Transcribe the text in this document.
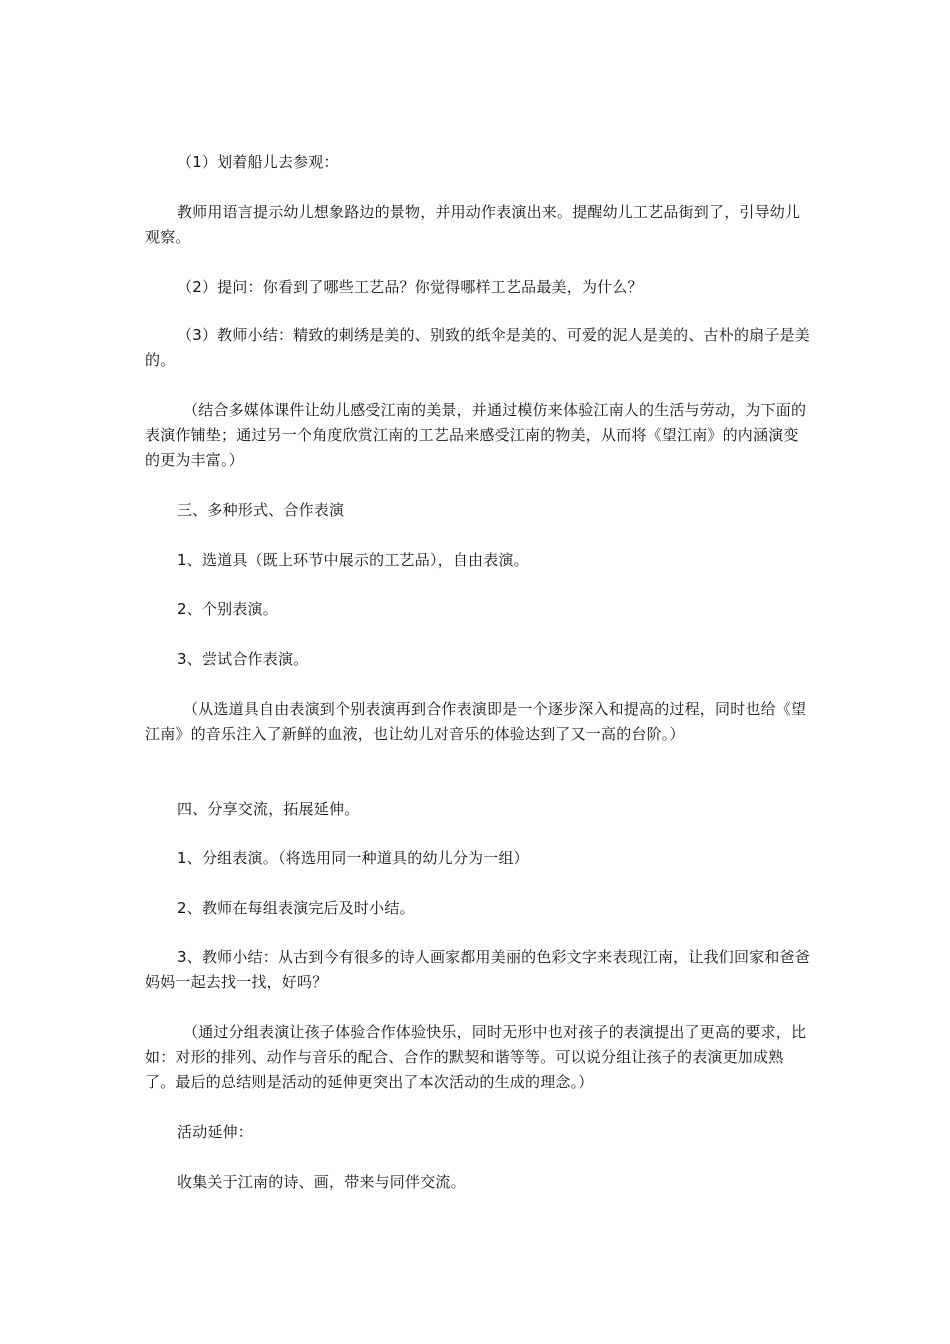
（1）划着船儿去参观：
教师用语言提示幼儿想象路边的景物，并用动作表演出来。提醒幼儿工艺品街到了，引导幼儿观察。
（2）提问：你看到了哪些工艺品？你觉得哪样工艺品最美，为什么？
（3）教师小结：精致的刺绣是美的、别致的纸伞是美的、可爱的泥人是美的、古朴的扇子是美的。
（结合多媒体课件让幼儿感受江南的美景，并通过模仿来体验江南人的生活与劳动，为下面的表演作铺垫；通过另一个角度欣赏江南的工艺品来感受江南的物美，从而将《望江南》的内涵演变的更为丰富。）
三、多种形式、合作表演
1、选道具（既上环节中展示的工艺品），自由表演。
2、个别表演。
3、尝试合作表演。
（从选道具自由表演到个别表演再到合作表演即是一个逐步深入和提高的过程，同时也给《望江南》的音乐注入了新鲜的血液，也让幼儿对音乐的体验达到了又一高的台阶。）
四、分享交流，拓展延伸。
1、分组表演。（将选用同一种道具的幼儿分为一组）
2、教师在每组表演完后及时小结。
3、教师小结：从古到今有很多的诗人画家都用美丽的色彩文字来表现江南，让我们回家和爸爸妈妈一起去找一找，好吗？
（通过分组表演让孩子体验合作体验快乐，同时无形中也对孩子的表演提出了更高的要求，比如：对形的排列、动作与音乐的配合、合作的默契和谐等等。可以说分组让孩子的表演更加成熟了。最后的总结则是活动的延伸更突出了本次活动的生成的理念。）
活动延伸：
收集关于江南的诗、画，带来与同伴交流。
